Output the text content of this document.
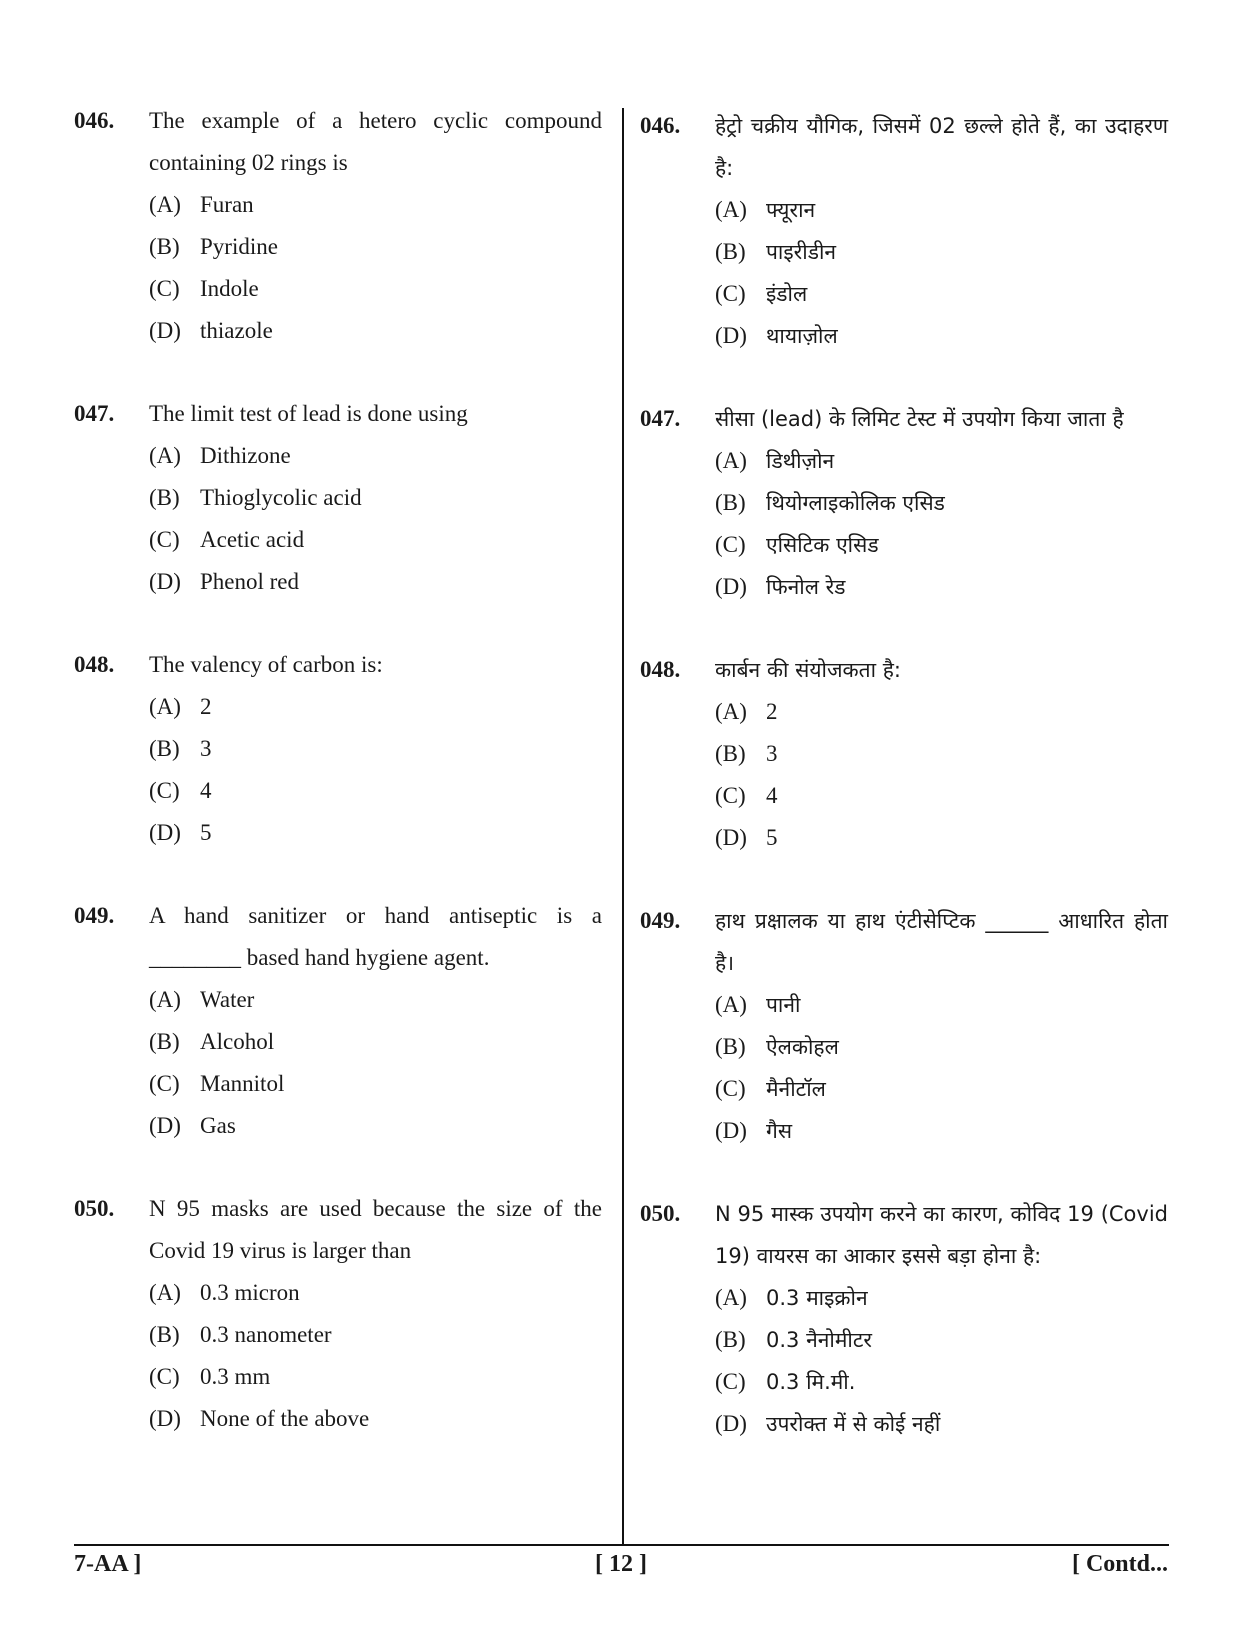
046.	The example of a hetero cyclic compound containing 02 rings is
(A) Furan
(B) Pyridine
(C) Indole
(D) thiazole
047.	The limit test of lead is done using
(A) Dithizone
(B) Thioglycolic acid
(C) Acetic acid
(D) Phenol red
048.	The valency of carbon is:
(A) 2
(B) 3
(C) 4
(D) 5
049.	A hand sanitizer or hand antiseptic is a ________ based hand hygiene agent.
(A) Water
(B) Alcohol
(C) Mannitol
(D) Gas
050.	N 95 masks are used because the size of the Covid 19 virus is larger than
(A) 0.3 micron
(B) 0.3 nanometer
(C) 0.3 mm
(D) None of the above
046.	हेट्रो चक्रीय यौगिक, जिसमें 02 छल्ले होते हैं, का उदाहरण है:
(A) फ्यूरान
(B) पाइरीडीन
(C) इंडोल
(D) थायाज़ोल
047.	सीसा (lead) के लिमिट टेस्ट में उपयोग किया जाता है
(A) डिथीज़ोन
(B) थियोग्लाइकोलिक एसिड
(C) एसिटिक एसिड
(D) फिनोल रेड
048.	कार्बन की संयोजकता है:
(A) 2
(B) 3
(C) 4
(D) 5
049.	हाथ प्रक्षालक या हाथ एंटीसेप्टिक ______ आधारित होता है।
(A) पानी
(B) ऐलकोहल
(C) मैनीटॉल
(D) गैस
050.	N 95 मास्क उपयोग करने का कारण, कोविद 19 (Covid 19) वायरस का आकार इससे बड़ा होना है:
(A) 0.3 माइक्रोन
(B) 0.3 नैनोमीटर
(C) 0.3 मि.मी.
(D) उपरोक्त में से कोई नहीं
7-AA ]	[ 12 ]	[ Contd...
